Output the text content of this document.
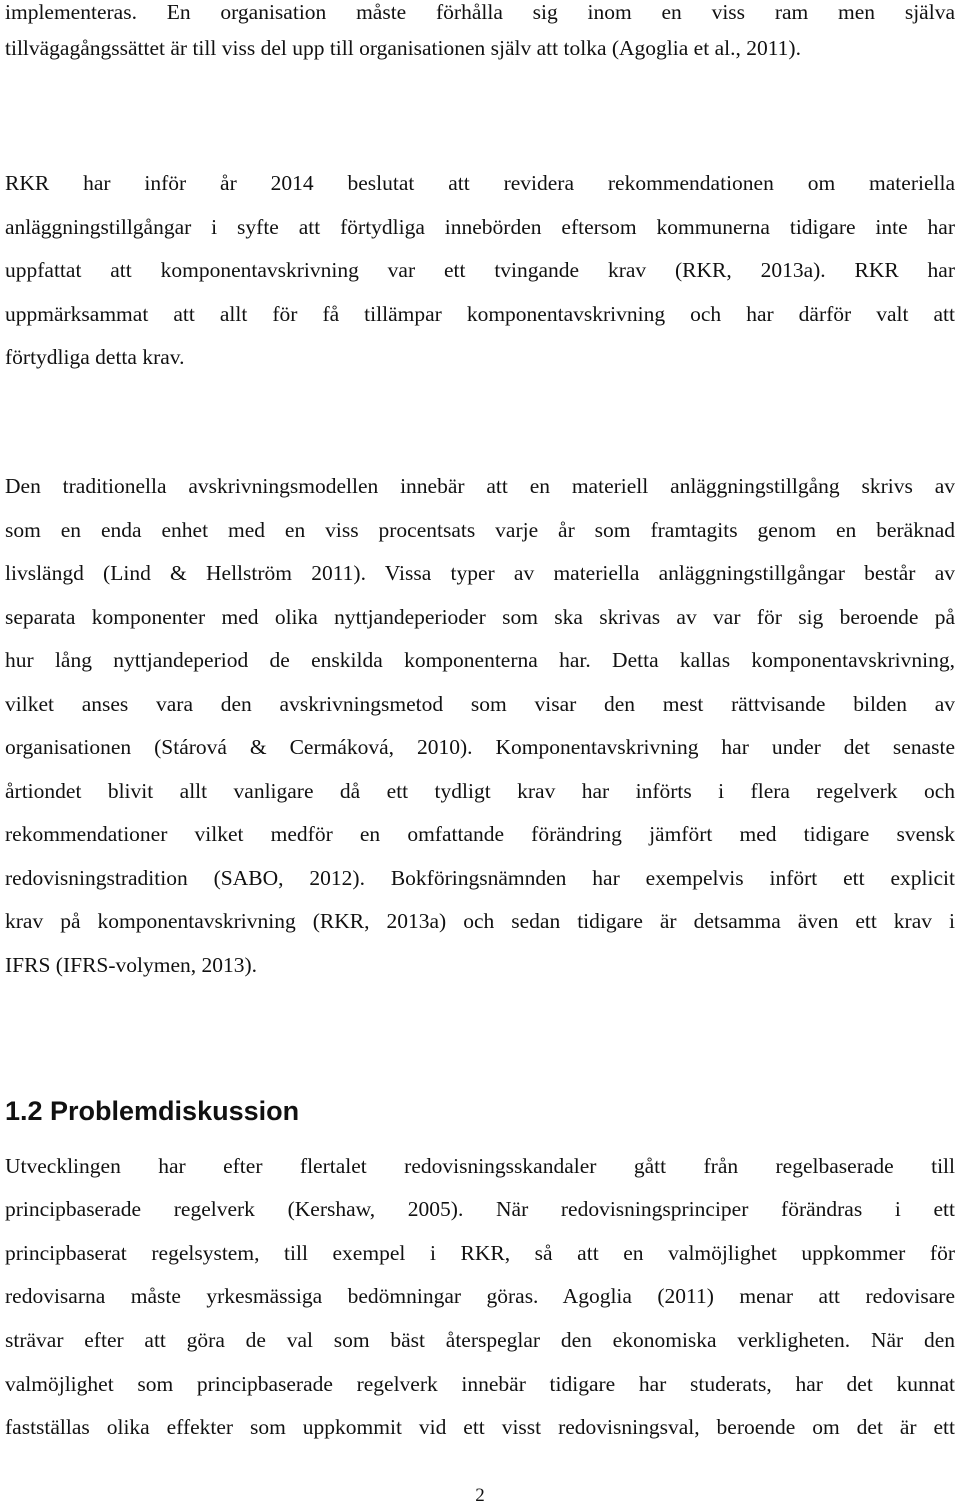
implementeras. En organisation måste förhålla sig inom en viss ram men själva
tillvägagångssättet är till viss del upp till organisationen själv att tolka (Agoglia et al., 2011).
RKR har inför år 2014 beslutat att revidera rekommendationen om materiella
anläggningstillgångar i syfte att förtydliga innebörden eftersom kommunerna tidigare inte har
uppfattat att komponentavskrivning var ett tvingande krav (RKR, 2013a). RKR har
uppmärksammat att allt för få tillämpar komponentavskrivning och har därför valt att
förtydliga detta krav.
Den traditionella avskrivningsmodellen innebär att en materiell anläggningstillgång skrivs av
som en enda enhet med en viss procentsats varje år som framtagits genom en beräknad
livslängd (Lind & Hellström 2011). Vissa typer av materiella anläggningstillgångar består av
separata komponenter med olika nyttjandeperioder som ska skrivas av var för sig beroende på
hur lång nyttjandeperiod de enskilda komponenterna har. Detta kallas komponentavskrivning,
vilket anses vara den avskrivningsmetod som visar den mest rättvisande bilden av
organisationen (Stárová & Cermáková, 2010). Komponentavskrivning har under det senaste
årtiondet blivit allt vanligare då ett tydligt krav har införts i flera regelverk och
rekommendationer vilket medför en omfattande förändring jämfört med tidigare svensk
redovisningstradition (SABO, 2012). Bokföringsnämnden har exempelvis infört ett explicit
krav på komponentavskrivning (RKR, 2013a) och sedan tidigare är detsamma även ett krav i
IFRS (IFRS-volymen, 2013).
1.2 Problemdiskussion
Utvecklingen har efter flertalet redovisningsskandaler gått från regelbaserade till
principbaserade regelverk (Kershaw, 2005). När redovisningsprinciper förändras i ett
principbaserat regelsystem, till exempel i RKR, så att en valmöjlighet uppkommer för
redovisarna måste yrkesmässiga bedömningar göras. Agoglia (2011) menar att redovisare
strävar efter att göra de val som bäst återspeglar den ekonomiska verkligheten. När den
valmöjlighet som principbaserade regelverk innebär tidigare har studerats, har det kunnat
fastställas olika effekter som uppkommit vid ett visst redovisningsval, beroende om det är ett
2
